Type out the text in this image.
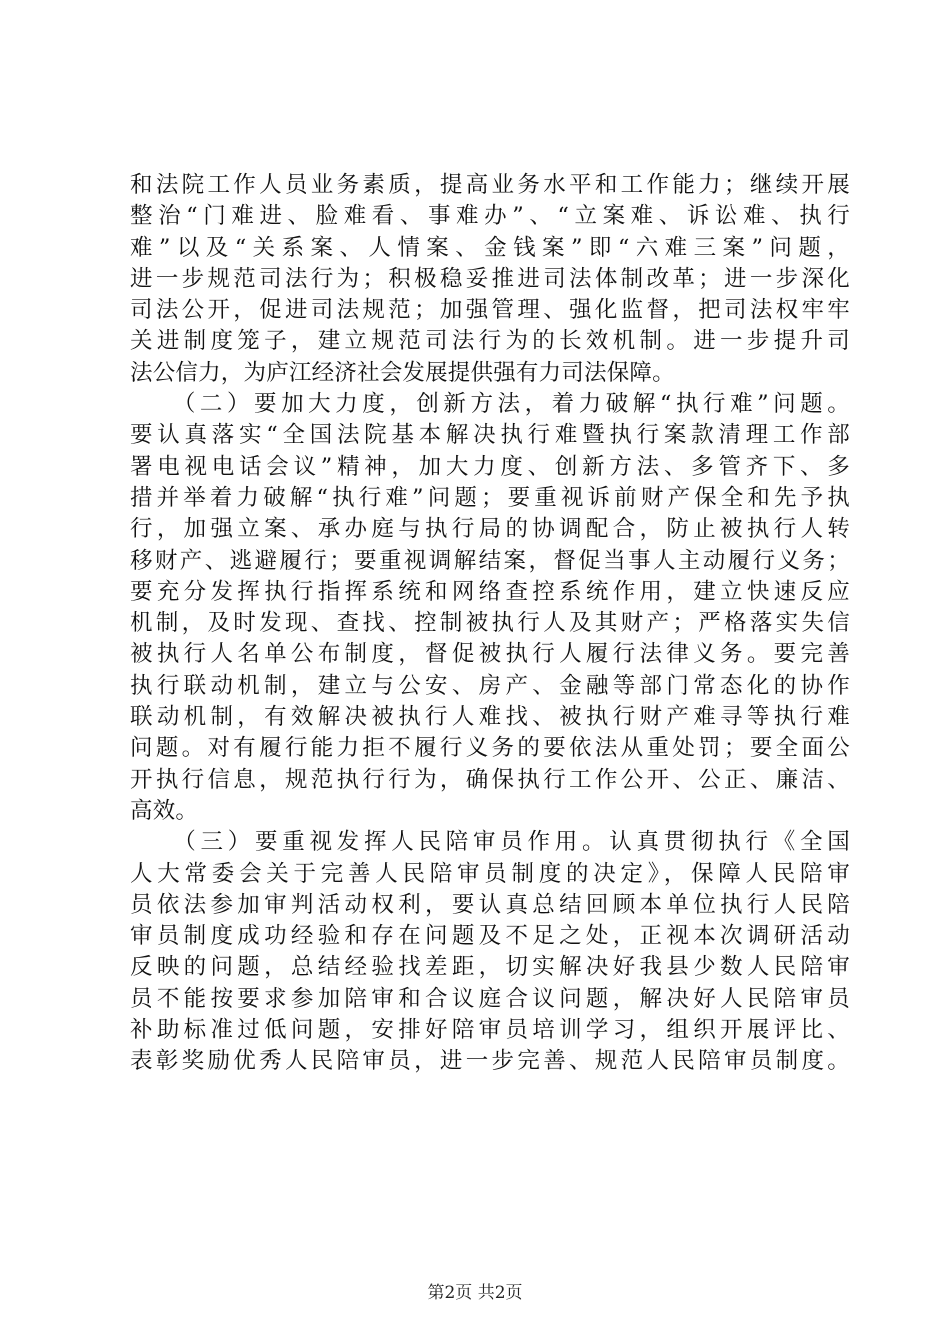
和法院工作人员业务素质，提高业务水平和工作能力；继续开展
整治“门难进、脸难看、事难办”、“立案难、诉讼难、执行
难”以及“关系案、人情案、金钱案”即“六难三案”问题，
进一步规范司法行为；积极稳妥推进司法体制改革；进一步深化
司法公开，促进司法规范；加强管理、强化监督，把司法权牢牢
关进制度笼子，建立规范司法行为的长效机制。进一步提升司
法公信力，为庐江经济社会发展提供强有力司法保障。
　　（二）要加大力度，创新方法，着力破解“执行难”问题。
要认真落实“全国法院基本解决执行难暨执行案款清理工作部
署电视电话会议”精神，加大力度、创新方法、多管齐下、多
措并举着力破解“执行难”问题；要重视诉前财产保全和先予执
行，加强立案、承办庭与执行局的协调配合，防止被执行人转
移财产、逃避履行；要重视调解结案，督促当事人主动履行义务；
要充分发挥执行指挥系统和网络查控系统作用，建立快速反应
机制，及时发现、查找、控制被执行人及其财产；严格落实失信
被执行人名单公布制度，督促被执行人履行法律义务。要完善
执行联动机制，建立与公安、房产、金融等部门常态化的协作
联动机制，有效解决被执行人难找、被执行财产难寻等执行难
问题。对有履行能力拒不履行义务的要依法从重处罚；要全面公
开执行信息，规范执行行为，确保执行工作公开、公正、廉洁、
高效。
　　（三）要重视发挥人民陪审员作用。认真贯彻执行《全国
人大常委会关于完善人民陪审员制度的决定》，保障人民陪审
员依法参加审判活动权利，要认真总结回顾本单位执行人民陪
审员制度成功经验和存在问题及不足之处，正视本次调研活动
反映的问题，总结经验找差距，切实解决好我县少数人民陪审
员不能按要求参加陪审和合议庭合议问题，解决好人民陪审员
补助标准过低问题，安排好陪审员培训学习，组织开展评比、
表彰奖励优秀人民陪审员，进一步完善、规范人民陪审员制度。
第2页 共2页
